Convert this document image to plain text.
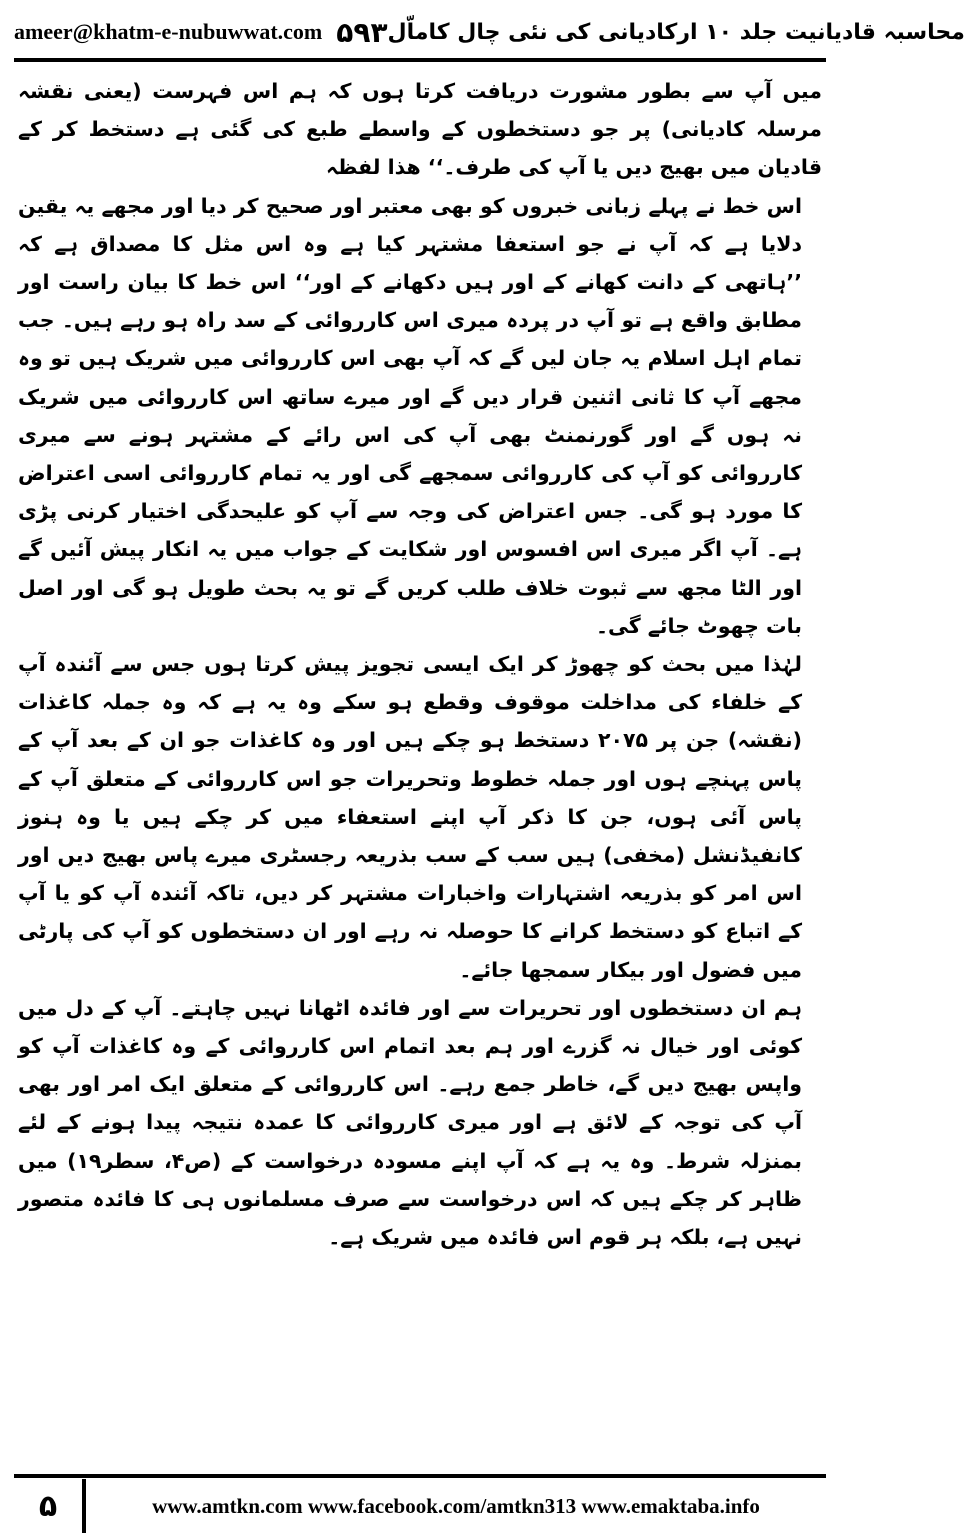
ameer@khatm-e-nubuwwat.com ۵۹۳ محاسبہ قادیانیت جلد ۱۰ ارکادیانی کی نئی چال کاماّل

میں آپ سے بطور مشورت دریافت کرتا ہوں کہ ہم اس فہرست (یعنی نقشہ مرسلہ کادیانی) پر جو دستخطوں کے واسطے طبع کی گئی ہے دستخط کر کے قادیان میں بھیج دیں یا آپ کی طرف۔‘‘ ھذا لفظہ

اس خط نے پہلے زبانی خبروں کو بھی معتبر اور صحیح کر دیا اور مجھے یہ یقین دلایا ہے کہ آپ نے جو استعفا مشتہر کیا ہے وہ اس مثل کا مصداق ہے کہ ’’ہاتھی کے دانت کھانے کے اور ہیں دکھانے کے اور‘‘ اس خط کا بیان راست اور مطابق واقع ہے تو آپ در پردہ میری اس کارروائی کے سد راہ ہو رہے ہیں۔ جب تمام اہل اسلام یہ جان لیں گے کہ آپ بھی اس کارروائی میں شریک ہیں تو وہ مجھے آپ کا ثانی اثنین قرار دیں گے اور میرے ساتھ اس کارروائی میں شریک نہ ہوں گے اور گورنمنٹ بھی آپ کی اس رائے کے مشتہر ہونے سے میری کارروائی کو آپ کی کارروائی سمجھے گی اور یہ تمام کارروائی اسی اعتراض کا مورد ہو گی۔ جس اعتراض کی وجہ سے آپ کو علیحدگی اختیار کرنی پڑی ہے۔ آپ اگر میری اس افسوس اور شکایت کے جواب میں یہ انکار پیش آئیں گے اور الٹا مجھ سے ثبوت خلاف طلب کریں گے تو یہ بحث طویل ہو گی اور اصل بات چھوٹ جائے گی۔

لہٰذا میں بحث کو چھوڑ کر ایک ایسی تجویز پیش کرتا ہوں جس سے آئندہ آپ کے خلفاء کی مداخلت موقوف وقطع ہو سکے وہ یہ ہے کہ وہ جملہ کاغذات (نقشہ) جن پر ۲۰۷۵ دستخط ہو چکے ہیں اور وہ کاغذات جو ان کے بعد آپ کے پاس پہنچے ہوں اور جملہ خطوط وتحریرات جو اس کارروائی کے متعلق آپ کے پاس آئی ہوں، جن کا ذکر آپ اپنے استعفاء میں کر چکے ہیں یا وہ ہنوز کانفیڈنشل (مخفی) ہیں سب کے سب بذریعہ رجسٹری میرے پاس بھیج دیں اور اس امر کو بذریعہ اشتہارات واخبارات مشتہر کر دیں، تاکہ آئندہ آپ کو یا آپ کے اتباع کو دستخط کرانے کا حوصلہ نہ رہے اور ان دستخطوں کو آپ کی پارٹی میں فضول اور بیکار سمجھا جائے۔

ہم ان دستخطوں اور تحریرات سے اور فائدہ اٹھانا نہیں چاہتے۔ آپ کے دل میں کوئی اور خیال نہ گزرے اور ہم بعد اتمام اس کارروائی کے وہ کاغذات آپ کو واپس بھیج دیں گے، خاطر جمع رہے۔ اس کارروائی کے متعلق ایک امر اور بھی آپ کی توجہ کے لائق ہے اور میری کارروائی کا عمدہ نتیجہ پیدا ہونے کے لئے بمنزلہ شرط۔ وہ یہ ہے کہ آپ اپنے مسودہ درخواست کے (ص۴، سطر۱۹) میں ظاہر کر چکے ہیں کہ اس درخواست سے صرف مسلمانوں ہی کا فائدہ متصور نہیں ہے، بلکہ ہر قوم اس فائدہ میں شریک ہے۔

۵	www.amtkn.com www.facebook.com/amtkn313 www.emaktaba.info
